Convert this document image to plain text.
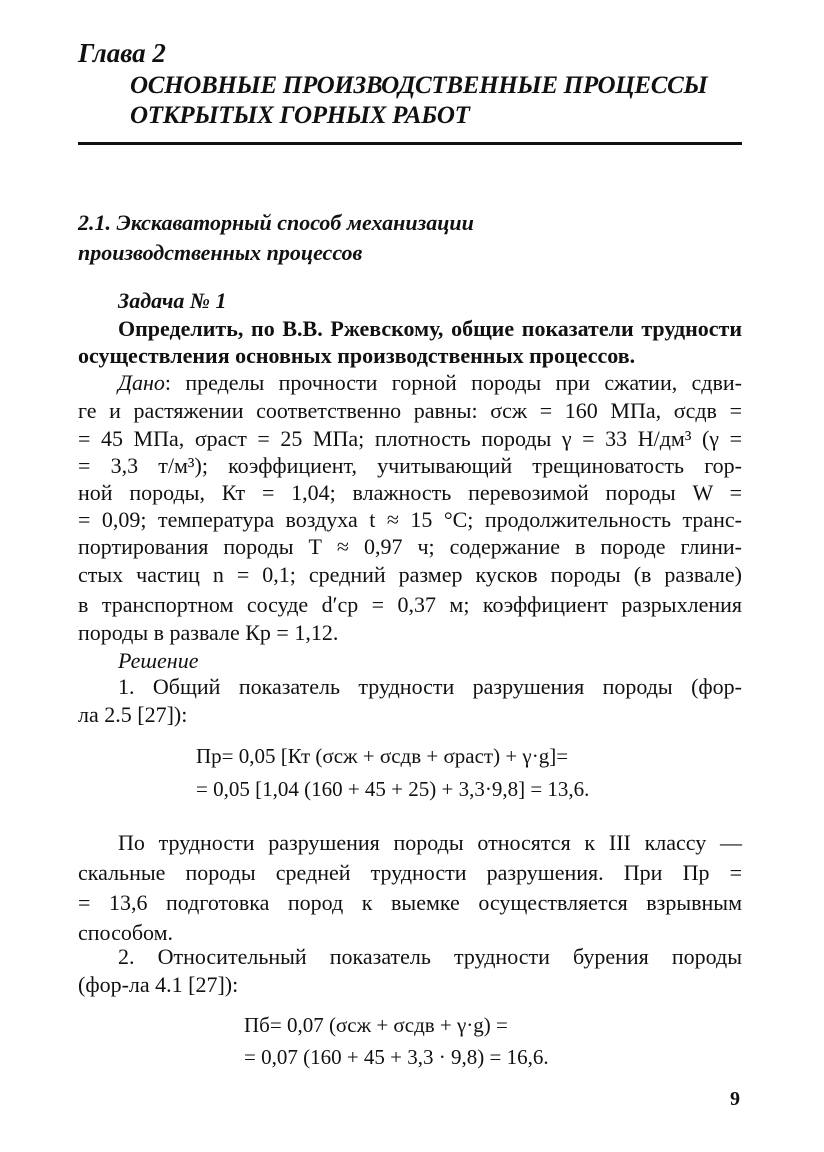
Глава 2
ОСНОВНЫЕ ПРОИЗВОДСТВЕННЫЕ ПРОЦЕССЫ
ОТКРЫТЫХ ГОРНЫХ РАБОТ
2.1. Экскаваторный способ механизации
производственных процессов
Задача № 1
Определить, по В.В. Ржевскому, общие показатели трудности
осуществления основных производственных процессов.
Дано: пределы прочности горной породы при сжатии, сдви-
ге и растяжении соответственно равны: σсж = 160 МПа, σсдв =
= 45 МПа, σраст = 25 МПа; плотность породы γ = 33 Н/дм³ (γ =
= 3,3 т/м³); коэффициент, учитывающий трещиноватость гор-
ной породы, Кт = 1,04; влажность перевозимой породы W =
= 0,09; температура воздуха t ≈ 15 °С; продолжительность транс-
портирования породы Т ≈ 0,97 ч; содержание в породе глини-
стых частиц n = 0,1; средний размер кусков породы (в развале)
в транспортном сосуде d′ср = 0,37 м; коэффициент разрыхления
породы в развале Кр = 1,12.
Решение
1. Общий показатель трудности разрушения породы (фор-
ла 2.5 [27]):
Пр= 0,05 [Кт (σсж + σсдв + σраст) + γ·g]=
= 0,05 [1,04 (160 + 45 + 25) + 3,3·9,8] = 13,6.
По трудности разрушения породы относятся к III классу —
скальные породы средней трудности разрушения. При Пр =
= 13,6 подготовка пород к выемке осуществляется взрывным
способом.
2. Относительный показатель трудности бурения породы
(фор-ла 4.1 [27]):
Пб= 0,07 (σсж + σсдв + γ·g) =
= 0,07 (160 + 45 + 3,3 · 9,8) = 16,6.
9
